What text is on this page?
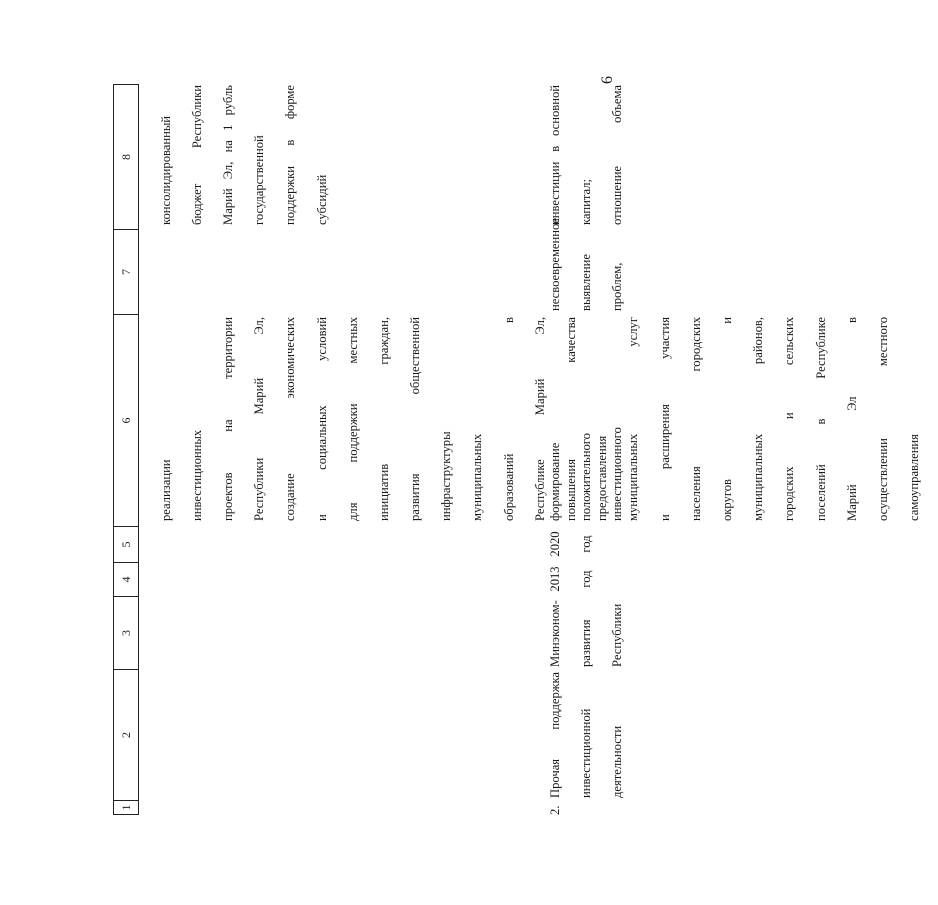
6
1
2
3
4
5
6
7
8

реализации инвестиционных проектов на территории Республики Марий Эл, создание экономических и социальных условий для поддержки местных инициатив граждан, развития общественной инфраструктуры муниципальных образований в Республике Марий Эл, повышения качества предоставления муниципальных услуг и расширения участия населения городских округов и муниципальных районов, городских и сельских поселений в Республике Марий Эл в осуществлении местного самоуправления

консолидированный бюджет Республики Марий Эл, на 1 рубль государственной поддержки в форме субсидий

2.

Прочая поддержка инвестиционной деятельности

Минэконом- развития Республики

2013 год

2020 год

формирование положительного инвестиционного

несвоевременное выявление проблем,

инвестиции в основной капитал; отношение объема
